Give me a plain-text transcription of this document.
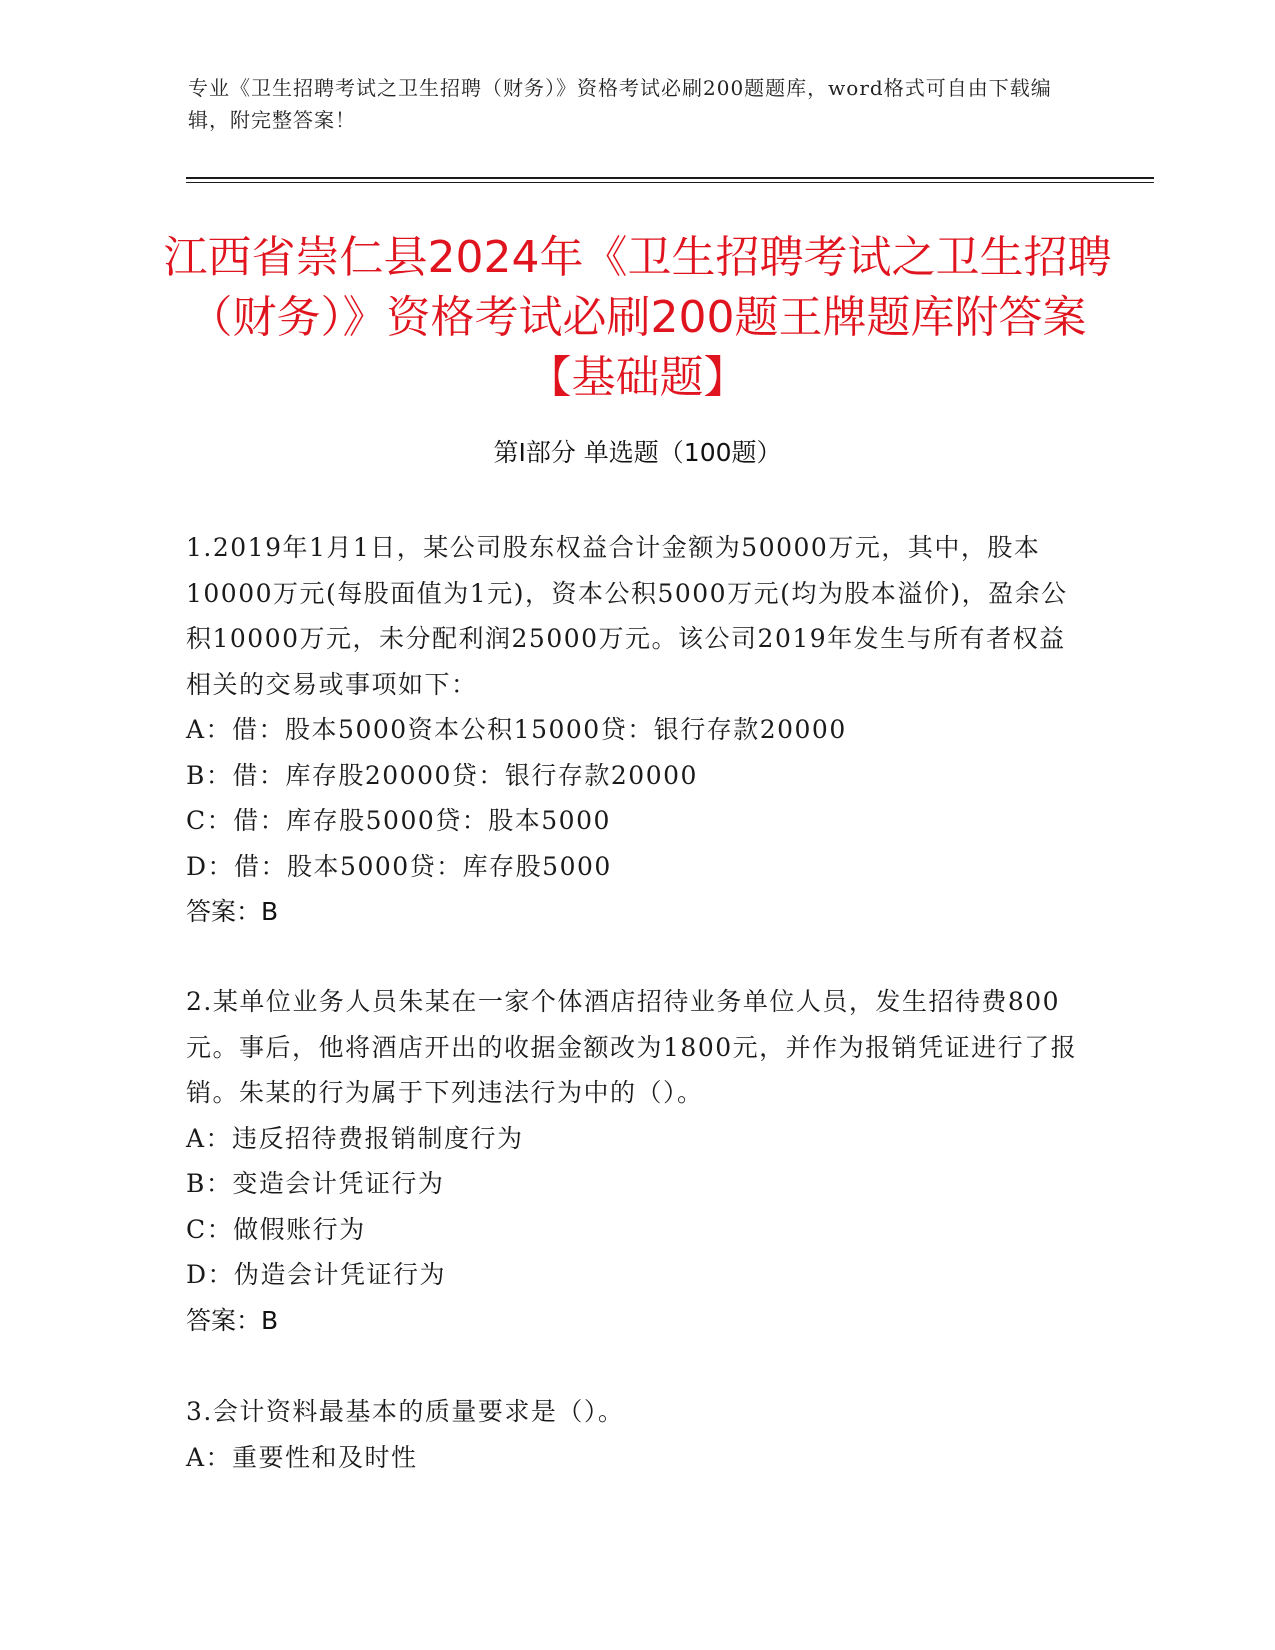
专业《卫生招聘考试之卫生招聘（财务）》资格考试必刷200题题库，word格式可自由下载编辑，附完整答案！
江西省崇仁县2024年《卫生招聘考试之卫生招聘（财务）》资格考试必刷200题王牌题库附答案【基础题】
第I部分 单选题（100题）

1.2019年1月1日，某公司股东权益合计金额为50000万元，其中，股本10000万元(每股面值为1元)，资本公积5000万元(均为股本溢价)，盈余公积10000万元，未分配利润25000万元。该公司2019年发生与所有者权益相关的交易或事项如下：

A：借：股本5000资本公积15000贷：银行存款20000

B：借：库存股20000贷：银行存款20000

C：借：库存股5000贷：股本5000

D：借：股本5000贷：库存股5000

答案：B

2.某单位业务人员朱某在一家个体酒店招待业务单位人员，发生招待费800元。事后，他将酒店开出的收据金额改为1800元，并作为报销凭证进行了报销。朱某的行为属于下列违法行为中的（）。

A：违反招待费报销制度行为

B：变造会计凭证行为

C：做假账行为

D：伪造会计凭证行为

答案：B

3.会计资料最基本的质量要求是（）。

A：重要性和及时性
